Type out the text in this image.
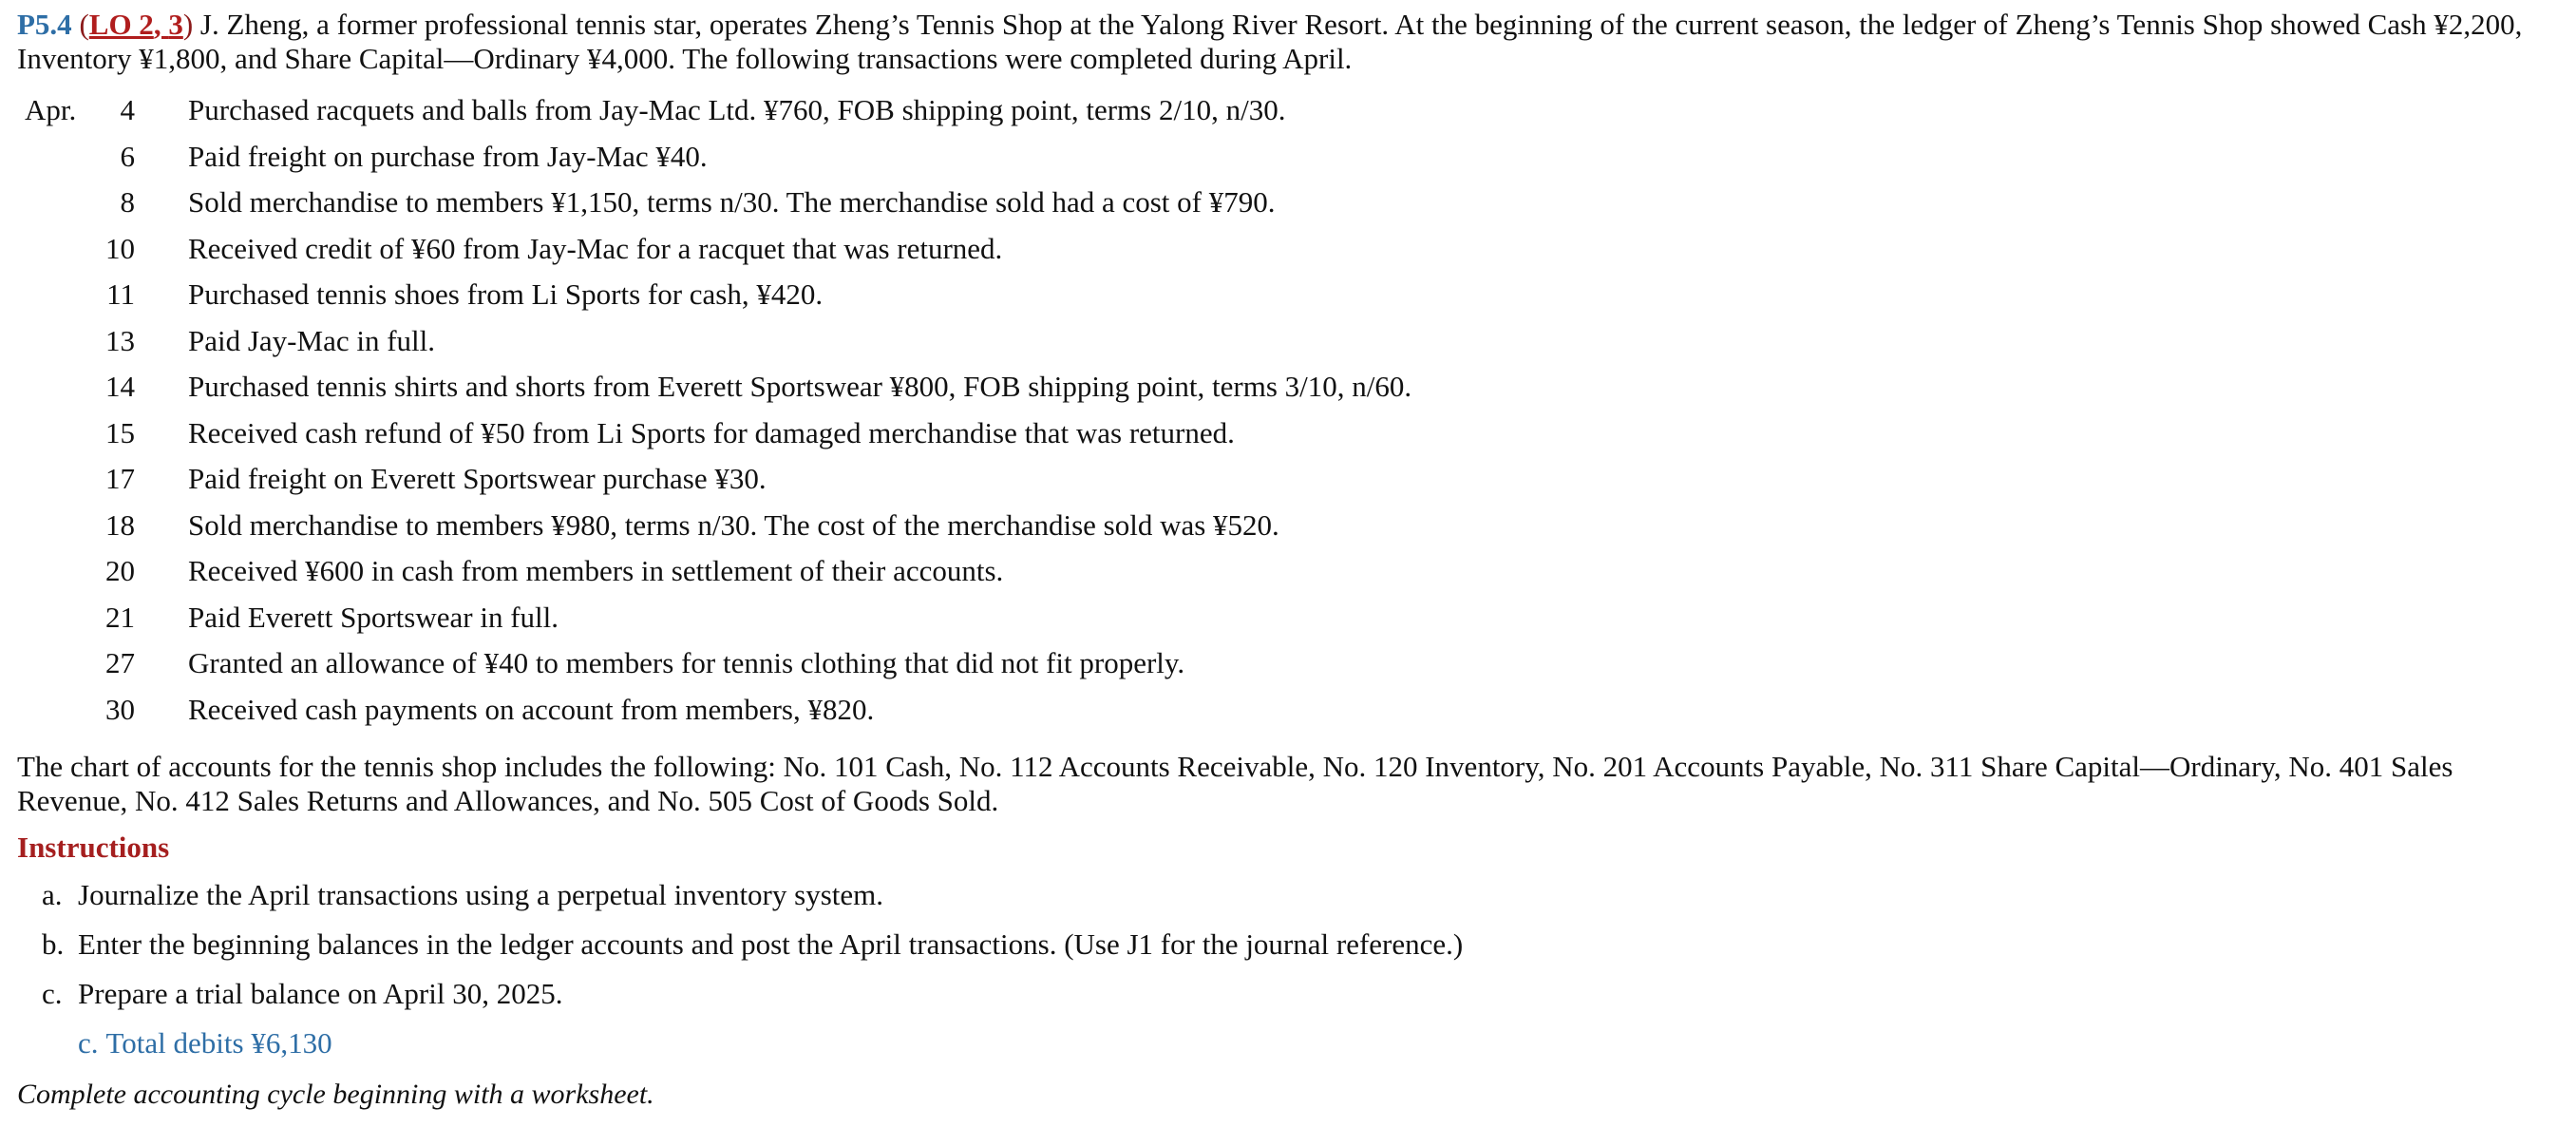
P5.4 (LO 2, 3) J. Zheng, a former professional tennis star, operates Zheng’s Tennis Shop at the Yalong River Resort. At the beginning of the current season, the ledger of Zheng’s Tennis Shop showed Cash ¥2,200, Inventory ¥1,800, and Share Capital—Ordinary ¥4,000. The following transactions were completed during April.

Apr.	4 Purchased racquets and balls from Jay-Mac Ltd. ¥760, FOB shipping point, terms 2/10, n/30.
6 Paid freight on purchase from Jay-Mac ¥40.
8 Sold merchandise to members ¥1,150, terms n/30. The merchandise sold had a cost of ¥790.
10 Received credit of ¥60 from Jay-Mac for a racquet that was returned.
11 Purchased tennis shoes from Li Sports for cash, ¥420.
13 Paid Jay-Mac in full.
14 Purchased tennis shirts and shorts from Everett Sportswear ¥800, FOB shipping point, terms 3/10, n/60.
15 Received cash refund of ¥50 from Li Sports for damaged merchandise that was returned.
17 Paid freight on Everett Sportswear purchase ¥30.
18 Sold merchandise to members ¥980, terms n/30. The cost of the merchandise sold was ¥520.
20 Received ¥600 in cash from members in settlement of their accounts.
21 Paid Everett Sportswear in full.
27 Granted an allowance of ¥40 to members for tennis clothing that did not fit properly.
30 Received cash payments on account from members, ¥820.

The chart of accounts for the tennis shop includes the following: No. 101 Cash, No. 112 Accounts Receivable, No. 120 Inventory, No. 201 Accounts Payable, No. 311 Share Capital—Ordinary, No. 401 Sales Revenue, No. 412 Sales Returns and Allowances, and No. 505 Cost of Goods Sold.

Instructions
a. Journalize the April transactions using a perpetual inventory system.
b. Enter the beginning balances in the ledger accounts and post the April transactions. (Use J1 for the journal reference.)
c. Prepare a trial balance on April 30, 2025.
c. Total debits ¥6,130
Complete accounting cycle beginning with a worksheet.
